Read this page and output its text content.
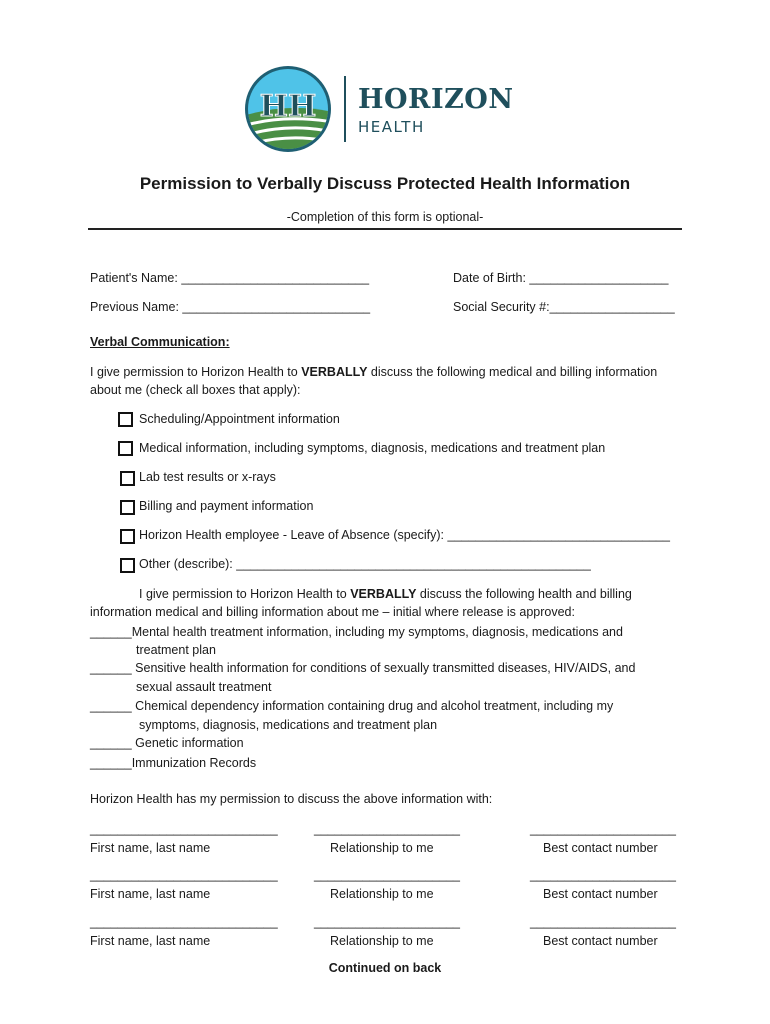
HH HORIZON
HEALTH
Permission to Verbally Discuss Protected Health Information
-Completion of this form is optional-
Patient's Name: ___________________________	Date of Birth: ____________________
Previous Name: ___________________________	Social Security #:__________________
Verbal Communication:
I give permission to Horizon Health to VERBALLY discuss the following medical and billing information
about me (check all boxes that apply):
Scheduling/Appointment information
Medical information, including symptoms, diagnosis, medications and treatment plan
Lab test results or x-rays
Billing and payment information
Horizon Health employee - Leave of Absence (specify): ________________________________
Other (describe): ___________________________________________________
I give permission to Horizon Health to VERBALLY discuss the following health and billing
information medical and billing information about me – initial where release is approved:
______Mental health treatment information, including my symptoms, diagnosis, medications and
treatment plan
______ Sensitive health information for conditions of sexually transmitted diseases, HIV/AIDS, and
sexual assault treatment
______ Chemical dependency information containing drug and alcohol treatment, including my
symptoms, diagnosis, medications and treatment plan
______ Genetic information
______Immunization Records
Horizon Health has my permission to discuss the above information with:
___________________________	_____________________	_____________________
First name, last name	Relationship to me	Best contact number
___________________________	_____________________	_____________________
First name, last name	Relationship to me	Best contact number
___________________________	_____________________	_____________________
First name, last name	Relationship to me	Best contact number
Continued on back
